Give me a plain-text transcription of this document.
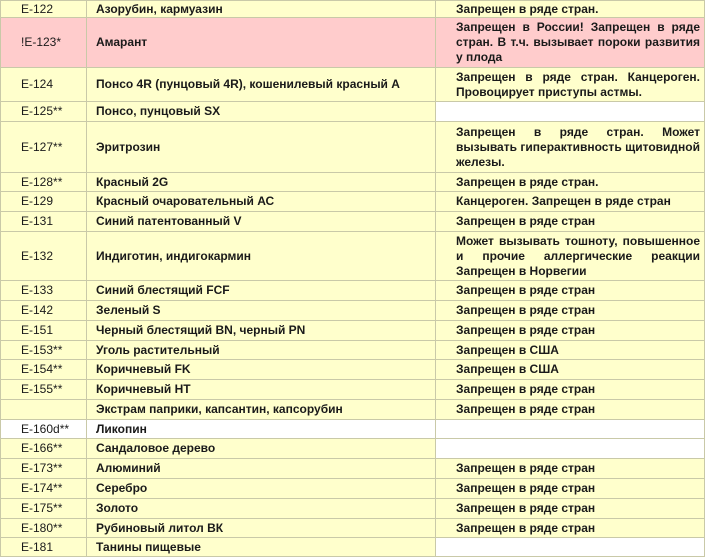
E-122	Азорубин, кармуазин	Запрещен в ряде стран.
!E-123*	Амарант	Запрещен в России! Запрещен в ряде стран. В т.ч. вызывает пороки развития у плода
E-124	Понсо 4R (пунцовый 4R), кошенилевый красный А	Запрещен в ряде стран. Канцероген. Провоцирует приступы астмы.
E-125**	Понсо, пунцовый SX	
E-127**	Эритрозин	Запрещен в ряде стран. Может вызывать гиперактивность щитовидной железы.
E-128**	Красный 2G	Запрещен в ряде стран.
E-129	Красный очаровательный АС	Канцероген. Запрещен в ряде стран
E-131	Синий патентованный V	Запрещен в ряде стран
E-132	Индиготин, индигокармин	Может вызывать тошноту, повышенное и прочие аллергические реакции Запрещен в Норвегии
E-133	Синий блестящий FCF	Запрещен в ряде стран
E-142	Зеленый S	Запрещен в ряде стран
E-151	Черный блестящий BN, черный PN	Запрещен в ряде стран
E-153**	Уголь растительный	Запрещен в США
E-154**	Коричневый FK	Запрещен в США
E-155**	Коричневый HT	Запрещен в ряде стран
	Экстрам паприки, капсантин, капсорубин	Запрещен в ряде стран
E-160d**	Ликопин	
E-166**	Сандаловое дерево	
E-173**	Алюминий	Запрещен в ряде стран
E-174**	Серебро	Запрещен в ряде стран
E-175**	Золото	Запрещен в ряде стран
E-180**	Рубиновый литол ВК	Запрещен в ряде стран
E-181	Танины пищевые	
